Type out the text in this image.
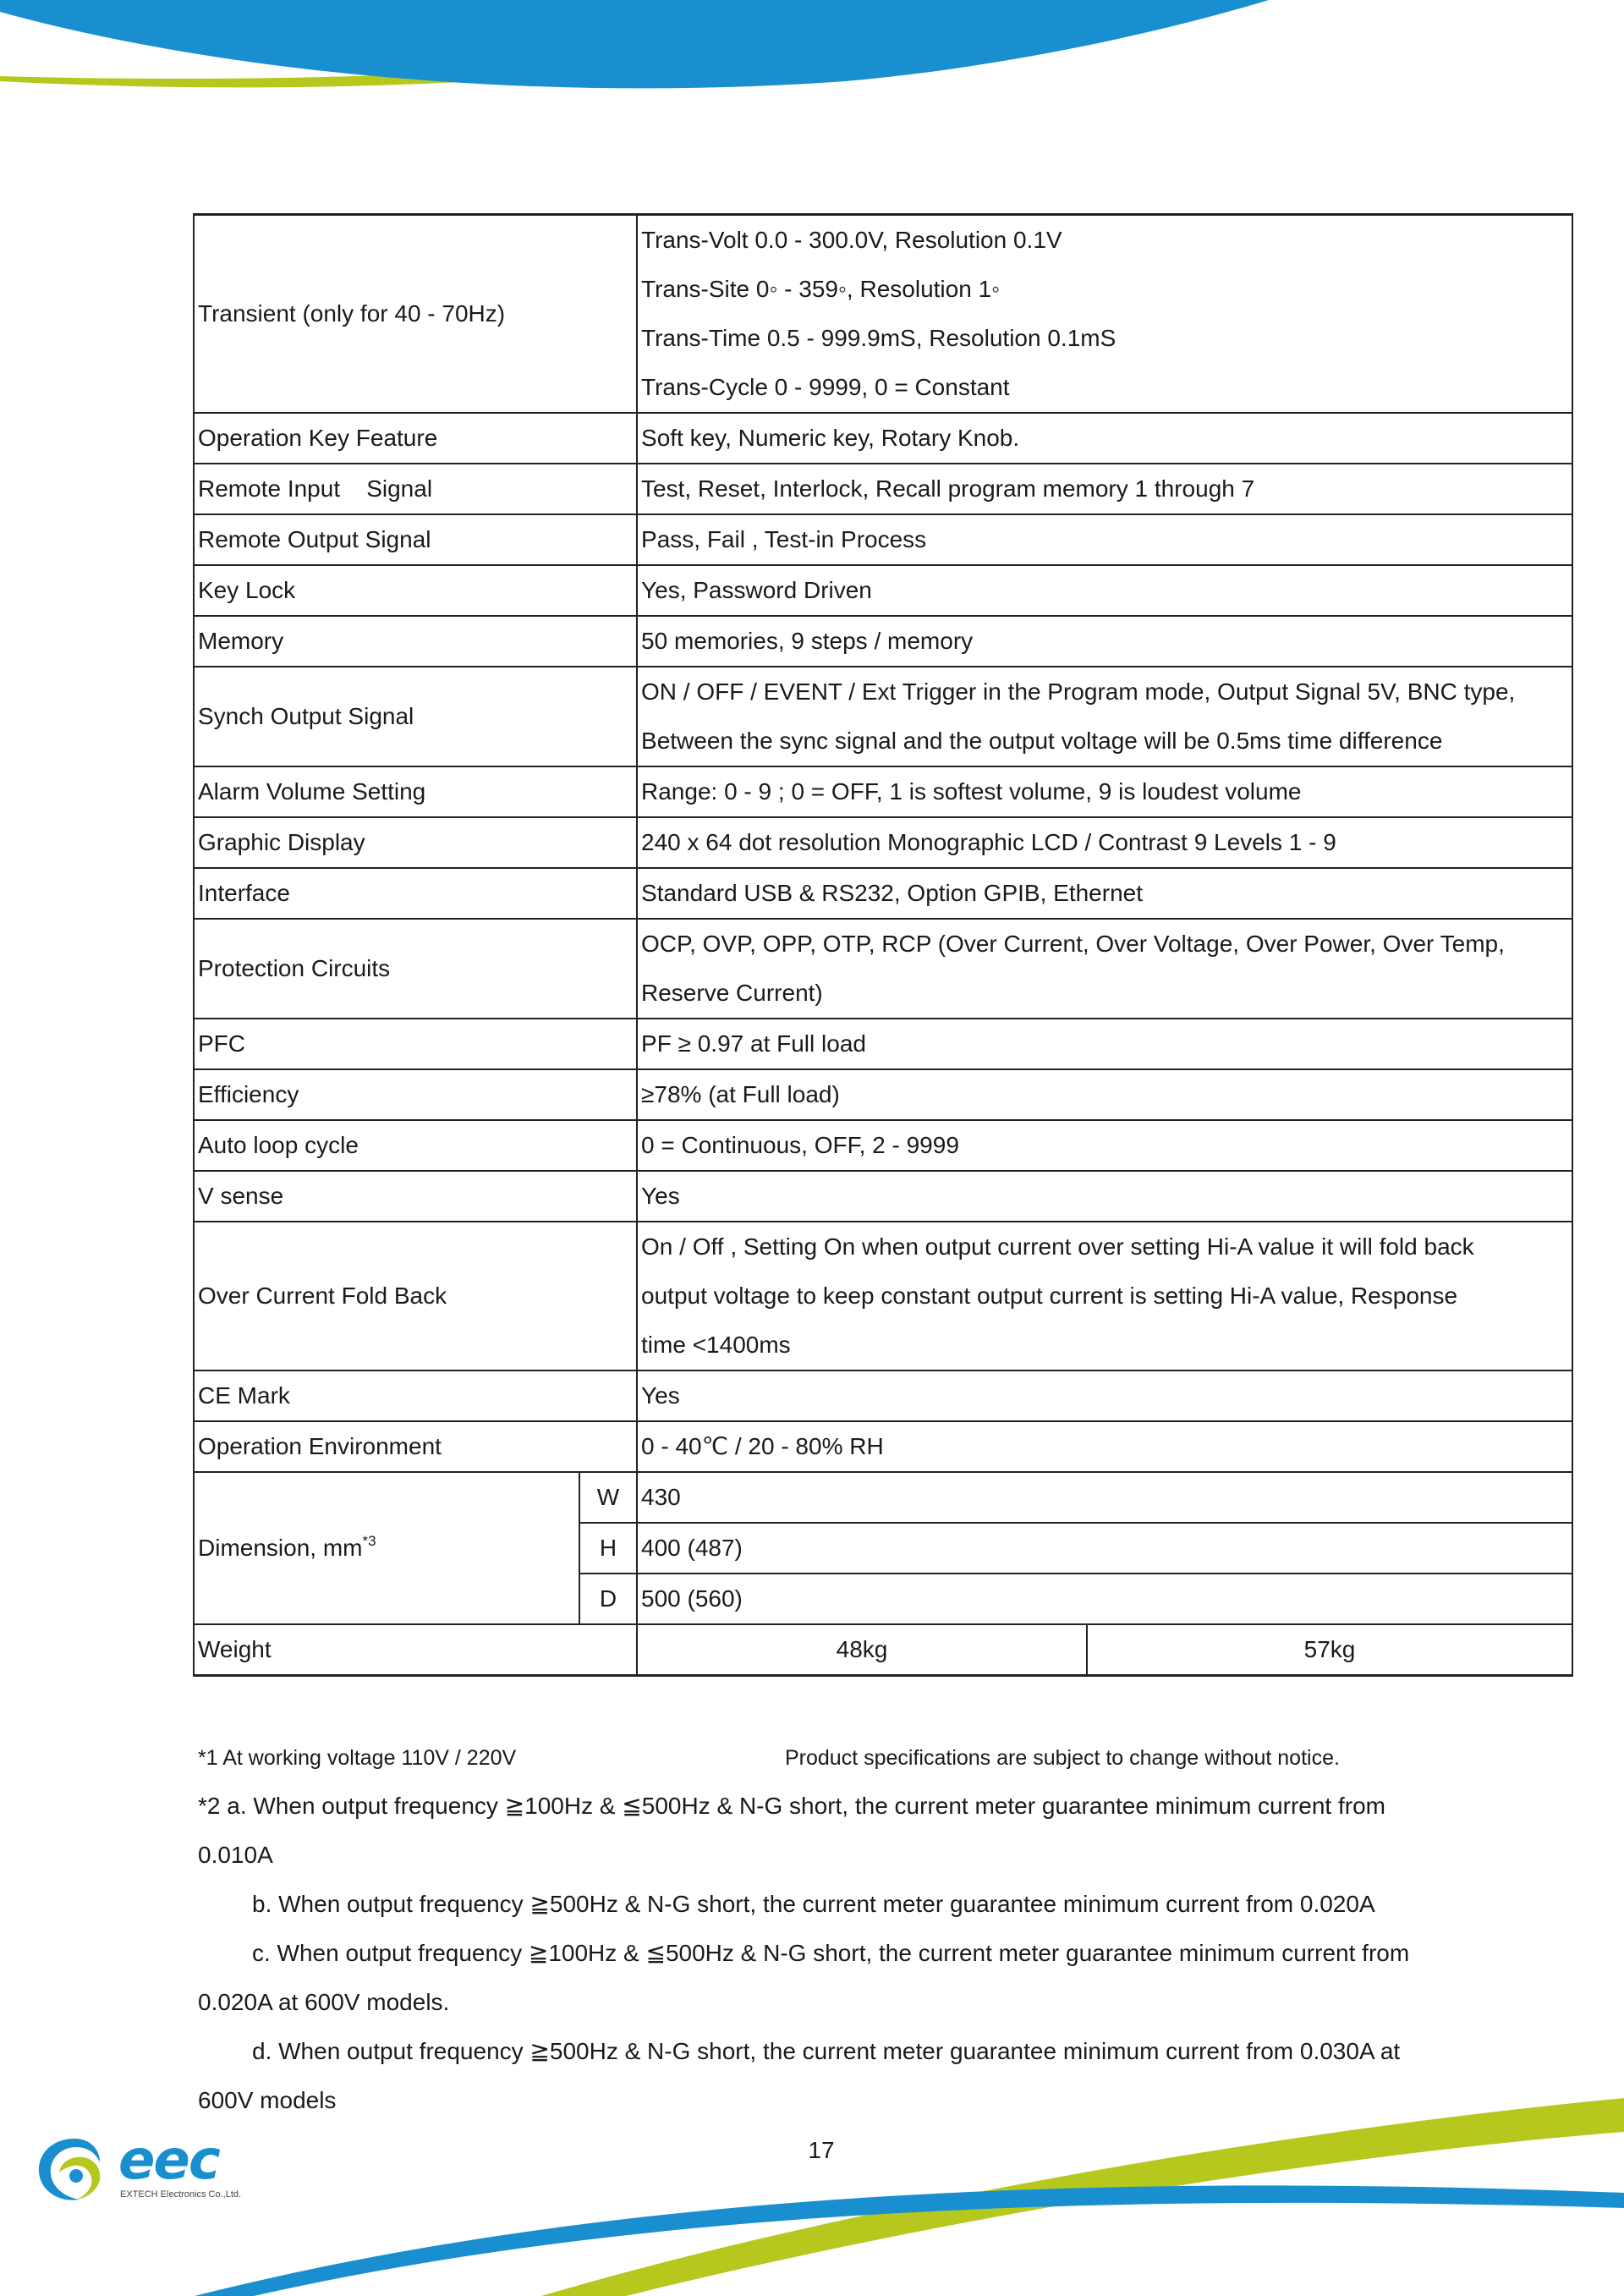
Transient (only for 40 - 70Hz)		Trans-Volt 0.0 - 300.0V, Resolution 0.1V
Trans-Site 0◦ - 359◦, Resolution 1◦
Trans-Time 0.5 - 999.9mS, Resolution 0.1mS
Trans-Cycle 0 - 9999, 0 = Constant	

Operation Key Feature		Soft key, Numeric key, Rotary Knob.	
Remote Input    Signal		Test, Reset, Interlock, Recall program memory 1 through 7	
Remote Output Signal		Pass, Fail , Test-in Process	
Key Lock		Yes, Password Driven	
Memory		50 memories, 9 steps / memory	
Synch Output Signal		ON / OFF / EVENT / Ext Trigger in the Program mode, Output Signal 5V, BNC type,
Between the sync signal and the output voltage will be 0.5ms time difference	

Alarm Volume Setting		Range: 0 - 9 ; 0 = OFF, 1 is softest volume, 9 is loudest volume	
Graphic Display		240 x 64 dot resolution Monographic LCD / Contrast 9 Levels 1 - 9	
Interface		Standard USB & RS232, Option GPIB, Ethernet	
Protection Circuits		OCP, OVP, OPP, OTP, RCP (Over Current, Over Voltage, Over Power, Over Temp,
Reserve Current)	

PFC		PF ≥ 0.97 at Full load	
Efficiency		≥78% (at Full load)	
Auto loop cycle		0 = Continuous, OFF, 2 - 9999	
V sense		Yes	
Over Current Fold Back		On / Off , Setting On when output current over setting Hi-A value it will fold back
output voltage to keep constant output current is setting Hi-A value, Response
time <1400ms	

CE Mark		Yes	
Operation Environment		0 - 40℃ / 20 - 80% RH	
Dimension, $mm^{*3}$	W	430	
	H	400 (487)	
	D	500 (560)	
Weight		48kg	57kg
*1 At working voltage 110V / 220V	Product specifications are subject to change without notice.

*2 a. When output frequency ≧100Hz & ≦500Hz & N-G short, the current meter guarantee minimum current from

0.010A

b. When output frequency ≧500Hz & N-G short, the current meter guarantee minimum current from 0.020A

c. When output frequency ≧100Hz & ≦500Hz & N-G short, the current meter guarantee minimum current from

0.020A at 600V models.

d. When output frequency ≧500Hz & N-G short, the current meter guarantee minimum current from 0.030A at

600V models

17
eec
EXTECH Electronics Co.,Ltd.
